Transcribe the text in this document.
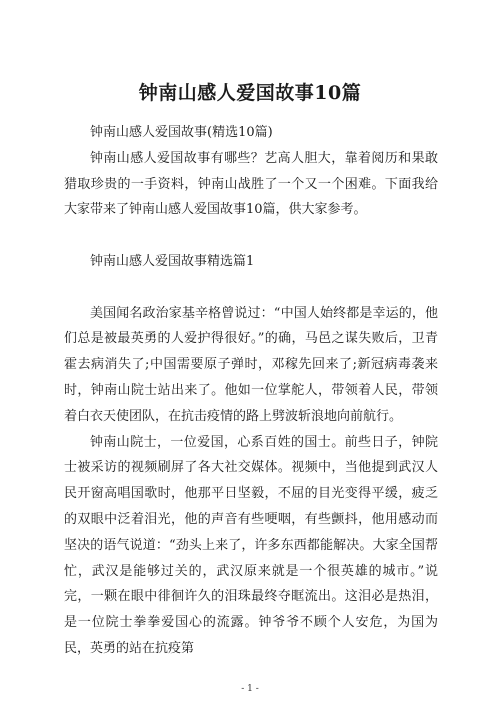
钟南山感人爱国故事10篇

钟南山感人爱国故事(精选10篇)

钟南山感人爱国故事有哪些？艺高人胆大，靠着阅历和果敢猎取珍贵的一手资料，钟南山战胜了一个又一个困难。下面我给大家带来了钟南山感人爱国故事10篇，供大家参考。

钟南山感人爱国故事精选篇1

美国闻名政治家基辛格曾说过：“中国人始终都是幸运的，他们总是被最英勇的人爱护得很好。”的确，马邑之谋失败后，卫青霍去病消失了;中国需要原子弹时，邓稼先回来了;新冠病毒袭来时，钟南山院士站出来了。他如一位掌舵人，带领着人民，带领着白衣天使团队，在抗击疫情的路上劈波斩浪地向前航行。

钟南山院士，一位爱国，心系百姓的国士。前些日子，钟院士被采访的视频刷屏了各大社交媒体。视频中，当他提到武汉人民开窗高唱国歌时，他那平日坚毅，不屈的目光变得平缓，疲乏的双眼中泛着泪光，他的声音有些哽咽，有些颤抖，他用感动而坚决的语气说道：“劲头上来了，许多东西都能解决。大家全国帮忙，武汉是能够过关的，武汉原来就是一个很英雄的城市。”说完，一颗在眼中徘徊许久的泪珠最终夺眶流出。这泪必是热泪，是一位院士拳拳爱国心的流露。钟爷爷不顾个人安危，为国为民，英勇的站在抗疫第

- 1 -
